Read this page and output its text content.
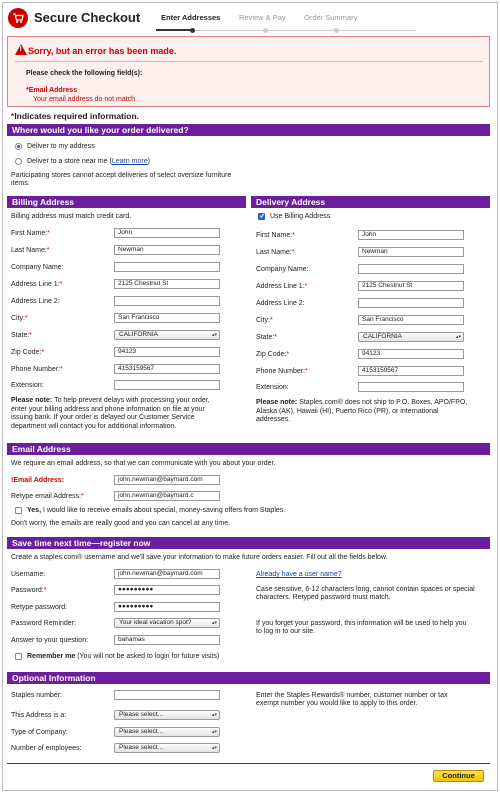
Secure Checkout	Enter Addresses Review & Pay Order Summary
! Sorry, but an error has been made.
Please check the following field(s):
*Email Address
Your email address do not match
*Indicates required information.
Where would you like your order delivered?
Deliver to my address
Deliver to a store near me (Learn more)
Participating stores cannot accept deliveries of select oversize furniture
items.
Billing Address
Billing address must match credit card.
First Name:*	John
Last Name:*	Newman
Company Name:
Address Line 1:*	2125 Chestnut St
Address Line 2:
City:*	San Francisco
State:*	CALIFORNIA	▴▾
Zip Code:*	94123
Phone Number:*	4153159567
Extension:
Please note: To help prevent delays with processing your order,
enter your billing address and phone information on file at your
issuing bank. If your order is delayed our Customer Service
department will contact you for additional information.
Delivery Address
✓
Use Billing Address
First Name:*	John
Last Name:*	Newman
Company Name:
Address Line 1:*	2125 Chestnut St
Address Line 2:
City:*	San Francisco
State:*	CALIFORNIA	▴▾
Zip Code:*	94123
Phone Number:*	4153159567
Extension:
Please note: Staples.com® does not ship to P.O. Boxes, APO/FPO,
Alaska (AK), Hawaii (HI), Puerto Rico (PR), or international
addresses.
Email Address
We require an email address, so that we can communicate with you about your order.
!Email Address:	john.newman@baymard.com
Retype email Address:*	john.newman@baymard.c
Yes, I would like to receive emails about special, money-saving offers from Staples.
Don't worry, the emails are really good and you can cancel at any time.
Save time next time—register now
Create a staples.com® username and we'll save your information to make future orders easier. Fill out all the fields below.
Username:	john.newman@baymard.com	Already have a user name?
Password:*	●●●●●●●●●	Case sensitive, 6-12 characters long, cannot contain spaces or special
characters. Retyped password must match.
Retype password:	●●●●●●●●●
Password Reminder:	Your ideal vacation spot?	▴▾	If you forget your password, this information will be used to help you
to log in to our site.
Answer to your question:	bahamas
Remember me (You will not be asked to login for future visits)
Optional Information
Staples number:	Enter the Staples Rewards® number, customer number or tax
exempt number you would like to apply to this order.
This Address is a:	Please select...	▴▾
Type of Company:	Please select...	▴▾
Number of employees:	Please select...	▴▾
Continue
